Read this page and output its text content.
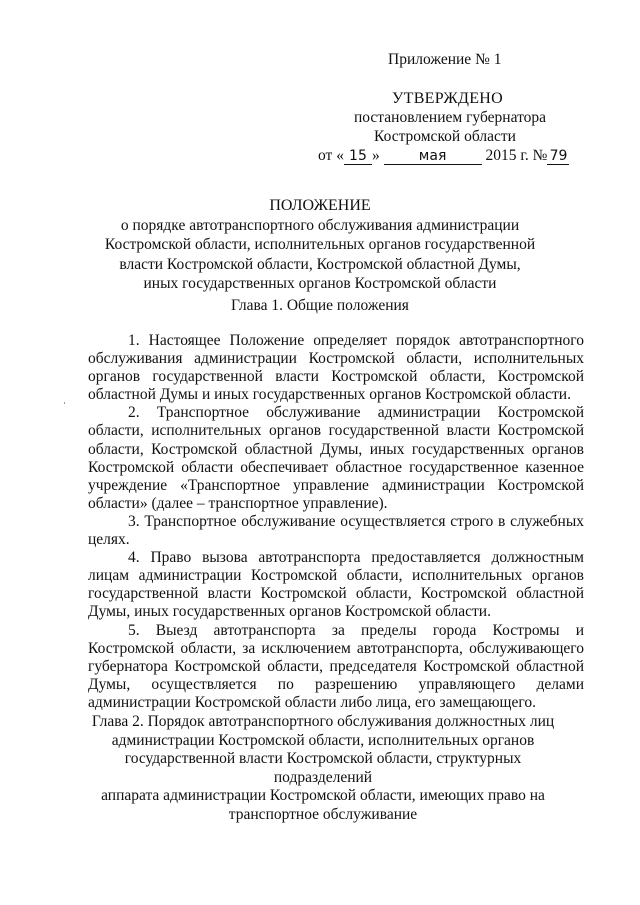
Приложение № 1
УТВЕРЖДЕНО
постановлением губернатора
Костромской области
от « 15 »	мая	2015 г. № 79
ПОЛОЖЕНИЕ
о порядке автотранспортного обслуживания администрации
Костромской области, исполнительных органов государственной
власти Костромской области, Костромской областной Думы,
иных государственных органов Костромской области
Глава 1. Общие положения

1. Настоящее Положение определяет порядок автотранспортного обслуживания администрации Костромской области, исполнительных органов государственной власти Костромской области, Костромской областной Думы и иных государственных органов Костромской области.

2. Транспортное обслуживание администрации Костромской области, исполнительных органов государственной власти Костромской области, Костромской областной Думы, иных государственных органов Костромской области обеспечивает областное государственное казенное учреждение «Транспортное управление администрации Костромской области» (далее – транспортное управление).

3. Транспортное обслуживание осуществляется строго в служебных целях.

4. Право вызова автотранспорта предоставляется должностным лицам администрации Костромской области, исполнительных органов государственной власти Костромской области, Костромской областной Думы, иных государственных органов Костромской области.

5. Выезд автотранспорта за пределы города Костромы и Костромской области, за исключением автотранспорта, обслуживающего губернатора Костромской области, председателя Костромской областной Думы, осуществляется по разрешению управляющего делами администрации Костромской области либо лица, его замещающего.

Глава 2. Порядок автотранспортного обслуживания должностных лиц
администрации Костромской области, исполнительных органов
государственной власти Костромской области, структурных подразделений
аппарата администрации Костромской области, имеющих право на
транспортное обслуживание
